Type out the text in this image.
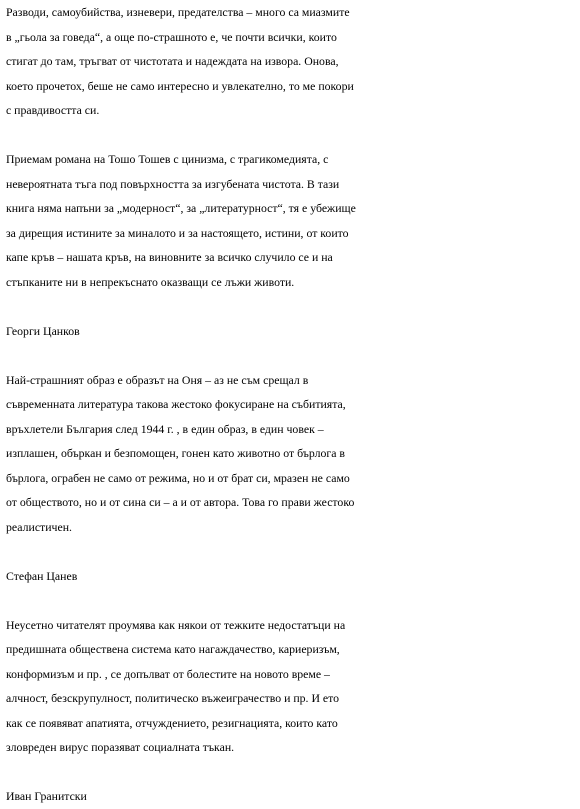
Разводи, самоубийства, изневери, предателства – много са миазмите
в „гьола за говеда“, а още по-страшното е, че почти всички, които
стигат до там, тръгват от чистотата и надеждата на извора. Онова,
което прочетох, беше не само интересно и увлекателно, то ме покори
с правдивостта си.
Приемам романа на Тошо Тошев с цинизма, с трагикомедията, с
невероятната тъга под повърхността за изгубената чистота. В тази
книга няма напъни за „модерност“, за „литературност“, тя е убежище
за дирещия истините за миналото и за настоящето, истини, от които
капе кръв – нашата кръв, на виновните за всичко случило се и на
стъпканите ни в непрекъснато оказващи се лъжи животи.
Георги Цанков
Най-страшният образ е образът на Оня – аз не съм срещал в
съвременната литература такова жестоко фокусиране на събитията,
връхлетели България след 1944 г. , в един образ, в един човек –
изплашен, объркан и безпомощен, гонен като животно от бърлога в
бърлога, ограбен не само от режима, но и от брат си, мразен не само
от обществото, но и от сина си – а и от автора. Това го прави жестоко
реалистичен.
Стефан Цанев
Неусетно читателят проумява как някои от тежките недостатъци на
предишната обществена система като нагаждачество, кариеризъм,
конформизъм и пр. , се допълват от болестите на новото време –
алчност, безскрупулност, политическо въжеиграчество и пр. И ето
как се появяват апатията, отчуждението, резигнацията, които като
зловреден вирус поразяват социалната тъкан.
Иван Гранитски
